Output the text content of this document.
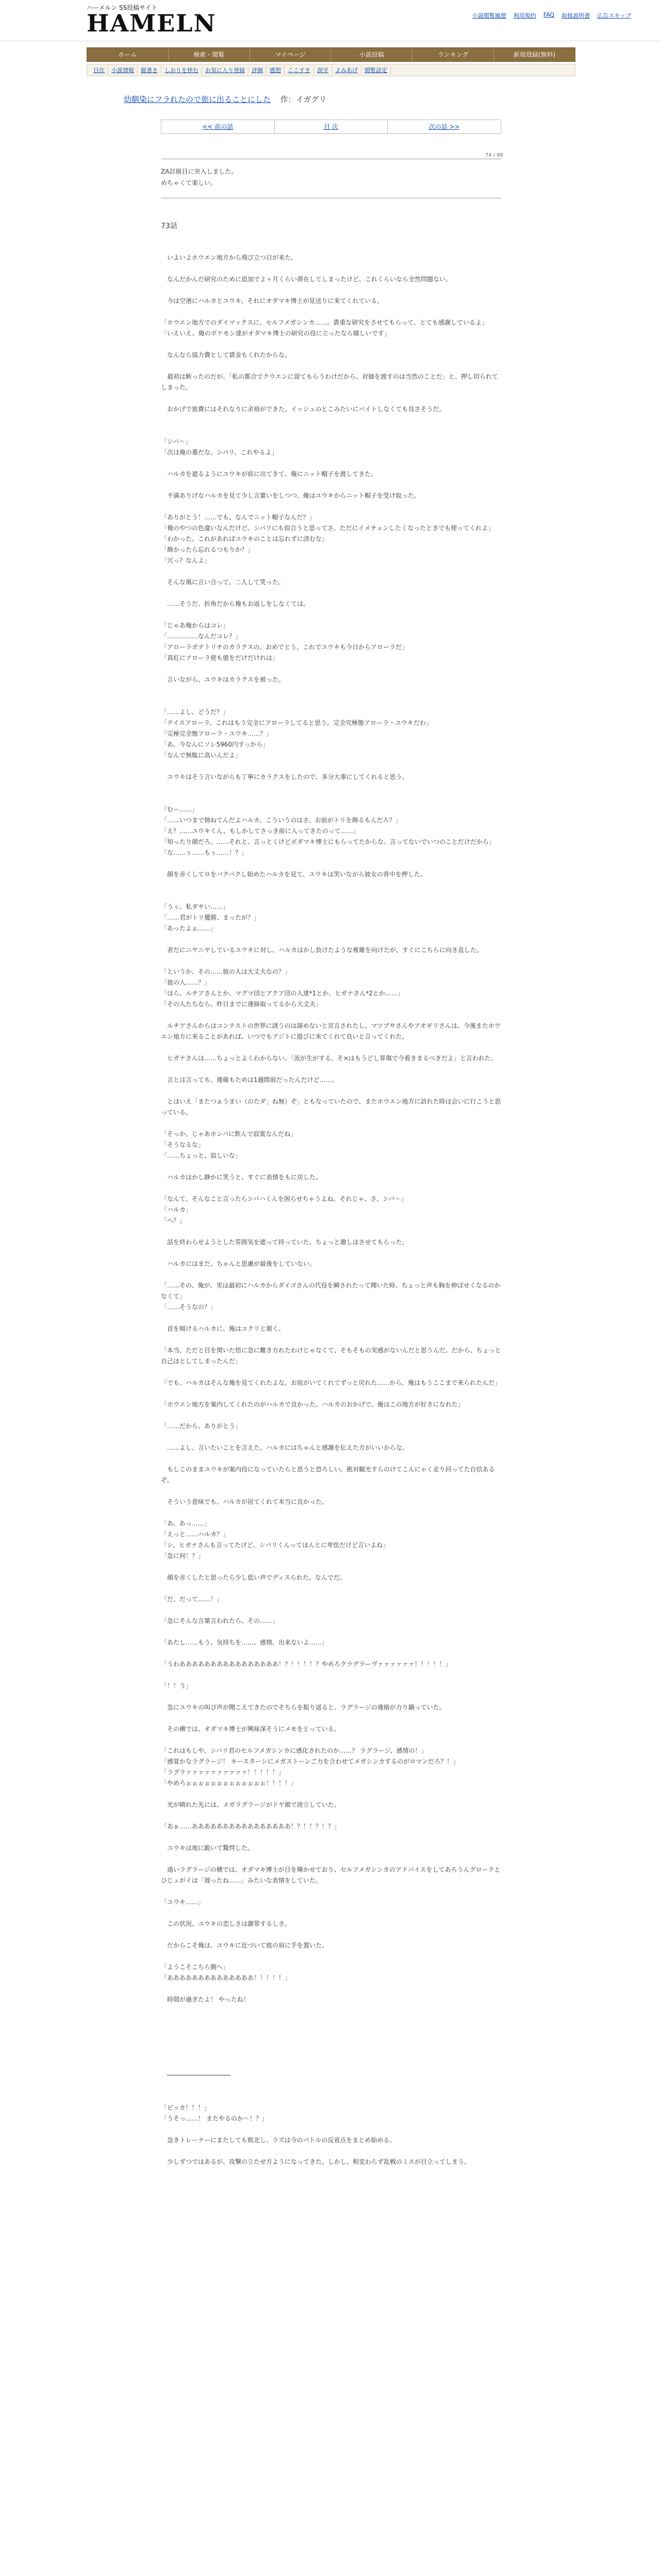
ハーメルン SS投稿サイト
HAMELN	小説閲覧履歴 利用規約 FAQ 取扱説明書 広告スキップ
ホーム	検索・閲覧	マイページ	小説投稿	ランキング	新規登録(無料)
目次	小説情報	縦書き	しおりを挟む	お気に入り登録	評価	感想	ここすき	誤字	よみあげ	閲覧設定
幼馴染にフラれたので旅に出ることにした 作：イガグリ
<< 前の話	目 次	次の話 >>
74 / 90
ZA討級目に突入しました。
めちゃくて楽しい。
73話

　いよいよホウエン地方から飛び立つ日が来た。

　なんだかんだ研究のために追加で２ヶ月くらい滞在してしまったけど、これくらいなら全然問題ない。

　今は空港にハルカとユウキ、それにオダマキ博士が見送りに来てくれている。

「ホウエン地方でのダイマックスに、セルフメガシンカ……。貴重な研究をさせてもらって、とても感謝しているよ」

「いえいえ。俺のポケモン達がオダマキ博士の研究の役に立ったなら嬉しいです」

　なんなら協力費として賃金もくれたからな。

　最初は断ったのだが、「私の都合でクウエンに留てもらうわけだから、対価を渡すのは当然のことだ」と、押し切られてしまった。

　おかげで旅費にはそれなりに余裕ができた。イッシュのとこみたいにバイトしなくても良さそうだ。

「シバ〜」

「次は俺の番だな。シバリ、これやるよ」

　ハルカを遮るようにユウキが前に出てきて、俺にニット帽子を渡してきた。

　不満ありげなハルカを見て少し言葉いをしつつ、俺はユウキからニット帽子を受け取った。

「ありがとう！……でも、なんでニット帽子なんだ？」

「俺のやつの色違いなんだけど。シバリにも似合うと思ってさ。ただにイメチェンしたくなったときでも使ってくれよ」

「わかった。これがあればユウキのことは忘れずに済むな」

「飾かったら忘れるつもりか？」

「冗っ？なんよ」

　そんな風に言い合って、二人して笑った。

　……そうだ、折角だから俺もお返しをしなくては。

「じゃあ俺からはコレ」

「……………なんだコレ？」

「アローラポテトリチのカラクスの、おめでとう。これでユウキも今日からアローラだ」

「真紅にアローラ使も億をだけだけれは」

　言いながら、ユウキはカラクスを被った。

「……よし、どうだ？」

「テイスアローラ、これはもう完全にアローラしてると思う。完全究極態アローラ・ユウキだわ」

「完極完全態アローラ・ユウキ……？」

「あ、今なんにソレ5960円すっから」

「なんで無駄に高いんだよ」

　ユウキはそう言いながらも丁寧にカラクスをしたので、多分大事にしてくれると思う。

「むー……」

「……いつまで拗ねてんだよハルカ。こういうのはさ、お前がトリを飾るもんだろ？」

「え？……ユウキくん、もしかしてさっき前に入ってきたのって……」

「知ったり顔だろ。……それと、言っとくけどボダマキ博士にもらってたからな。言ってないでいつのことだけだから」

「な……ぅ……もぅ……！？」

　顔を赤くしてロをパクパクし始めたハルカを見て、ユウキは笑いながら彼女の背中を押した。

「うぅ。私ダサい……」

「……君がトリ優勝、まったが？」

「あったよぉ……」

　者だにニヤニヤしているユウキに対し、ハルカはかし負けたような複雑を向けたが、すぐにこちらに向き直した。

「というか、その……彼の人は大丈夫なの？」

「彼の人……？」

「ほら、ルチアさんとか、マグマ団とアクア団の人達*1とか、ヒガナさん*2とか……」

「その人たちなら、昨日までに連絡取ってるから大丈夫」

　ルチアさんからはコンテストの世界に誘うのは諦めないと宣言されたし、マツブサさんやアオギリさんは、今後またホウエン地方に来ることがあれば、いつでもアジトに遊びに来てくれて良いと言ってくれた。

　ヒガナさんは……ちょっとよくわからない。「流が生がする。そ×はもうどし罪傷で今着きまるべきだよ」と言われた。

　言とは言っても、連確もためは1週間前だったんだけど……。

　とはいえ「またつぁうまい（のたダ」ね無）ぞ」ともなっていたので、またホウエン地方に訪れた時は会いに行こうと思っている。

「そっか。じゃあホンバに飲んで寂寞なんだね」

「そうなるな」

「……ちょっと、寂しいな」

　ハルカはかし静かに笑うと、すぐに表情をもに戻した。

「なんて、そんなこと言ったらシバハくんを困らせちゃうよね。それじゃ、さ、シバ〜」

「ハルカ」

「へ？」

　話を終わらせようとした雰囲気を遮って持っていた、ちょっと激しほさせてもらった。

　ハルカにはまだ、ちゃんと思慮が最後をしていない。

「……その、俺が、実は最初にハルカからダイゴさんの代役を瞬されたって聞いた時、ちょっと声も胸を伸ばせくなるのかなくて」

「……そうなの？」

　首を傾けるハルカに、俺はコクリと頷く。

「本当、ただと目を関いた悟に急に難き方れたわけじゃなくて、そもそもの実感がないんだと思うんだ。だから、ちょっと自己ほとしてしまったんだ」

「でも、ハルカはそんな俺を見てくれたよな。お前がいてくれてずっと戻れた……から、俺はもうここまで来られたんだ」

「ホウエン地方を案内してくれたのがハルカで良かった。ハルカのおかげで、俺はこの地方が好きになれた」

「……だから、ありがとう」

　……よし、言いたいことを言えた。ハルカにはちゃんと感謝を伝えた方がいいからな。

　もしこのままユウキが案内役になっていたらと思うと恐ろしい。絶対観光すらのけてこんにゃく走り回ってた自信あるぞ。

　そういう意味でも、ハルカが居てくれて本当に良かった。

「あ、あっ……」

「えっと……ハルカ？」

「シ、ヒガナさんも言ってたけど。シバリくんってほんとに卑怯だけど言いよね」

「急に何！？」

　顔を赤くしたと思ったら少し低い声でディスられた。なんでだ。

「だ、だって……！」

「急にそんな言葉言われたら、その……」

「あたし……もう、気持ちを……、感情、出来ないよ……」

「うわああああああああああああああああ！？！！！！？やめろクラグラーヴァァァァァァ！！！！！」

「！！う」

　急にユウキの叫び声が聞こえてきたのでそちらを振り返ると、ラグラージの連絡が力り鍋っていた。

　その横では、オダマキ博士が興味深そうにメモをとっている。

「これはもしや、シバリ君のセルフメガシンカに感化されたのか……？ ラグラージ、感情の！」

「感覚かなラグラージ！ キースターシにメガストーンご力を合わせてメガシンカするのがロマンだろ？！」

「ラグラァァァァァァァァァァ！！！！！」

「やめろぉぉぉぉぉぉぉぉぉぉぉぉぉ！！！！」

　光が晴れた先には、メガラグラージがドヤ顔で誇立していた。

「あぁ……ああああああああああああああああ！？！！？！？」

　ユウキは地に跪いて驚愕した。

　遠いラグラージの横では、オダマキ博士が目を輝かせており、セルフメガシンカのアドバイスをしてあろうんグロークとひじュがイは「遅ったね……」みたいな表情をしていた。

「ユウキ……」

　この状況、ユウキの恋しさは謝罪するしさ。

　だからこそ俺は、ユウキに近づいて彼の肩に手を置いた。

「ようこそこちら側へ」

「ああああああああああああああ！！！！！」

　時間が過ぎたよ！ やったね！

　─────────────────

「ピッカ！！！」

「うそっ……！ またやるのか〜！？」

　急きトレーナーにまたしても敗北し、ラズは今のバトルの反省点をまとめ始める。

　少しずつではあるが、攻撃の立たせ方ようになってきた。しかし、相変わらず乱戦のミスが目立ってしまう。
